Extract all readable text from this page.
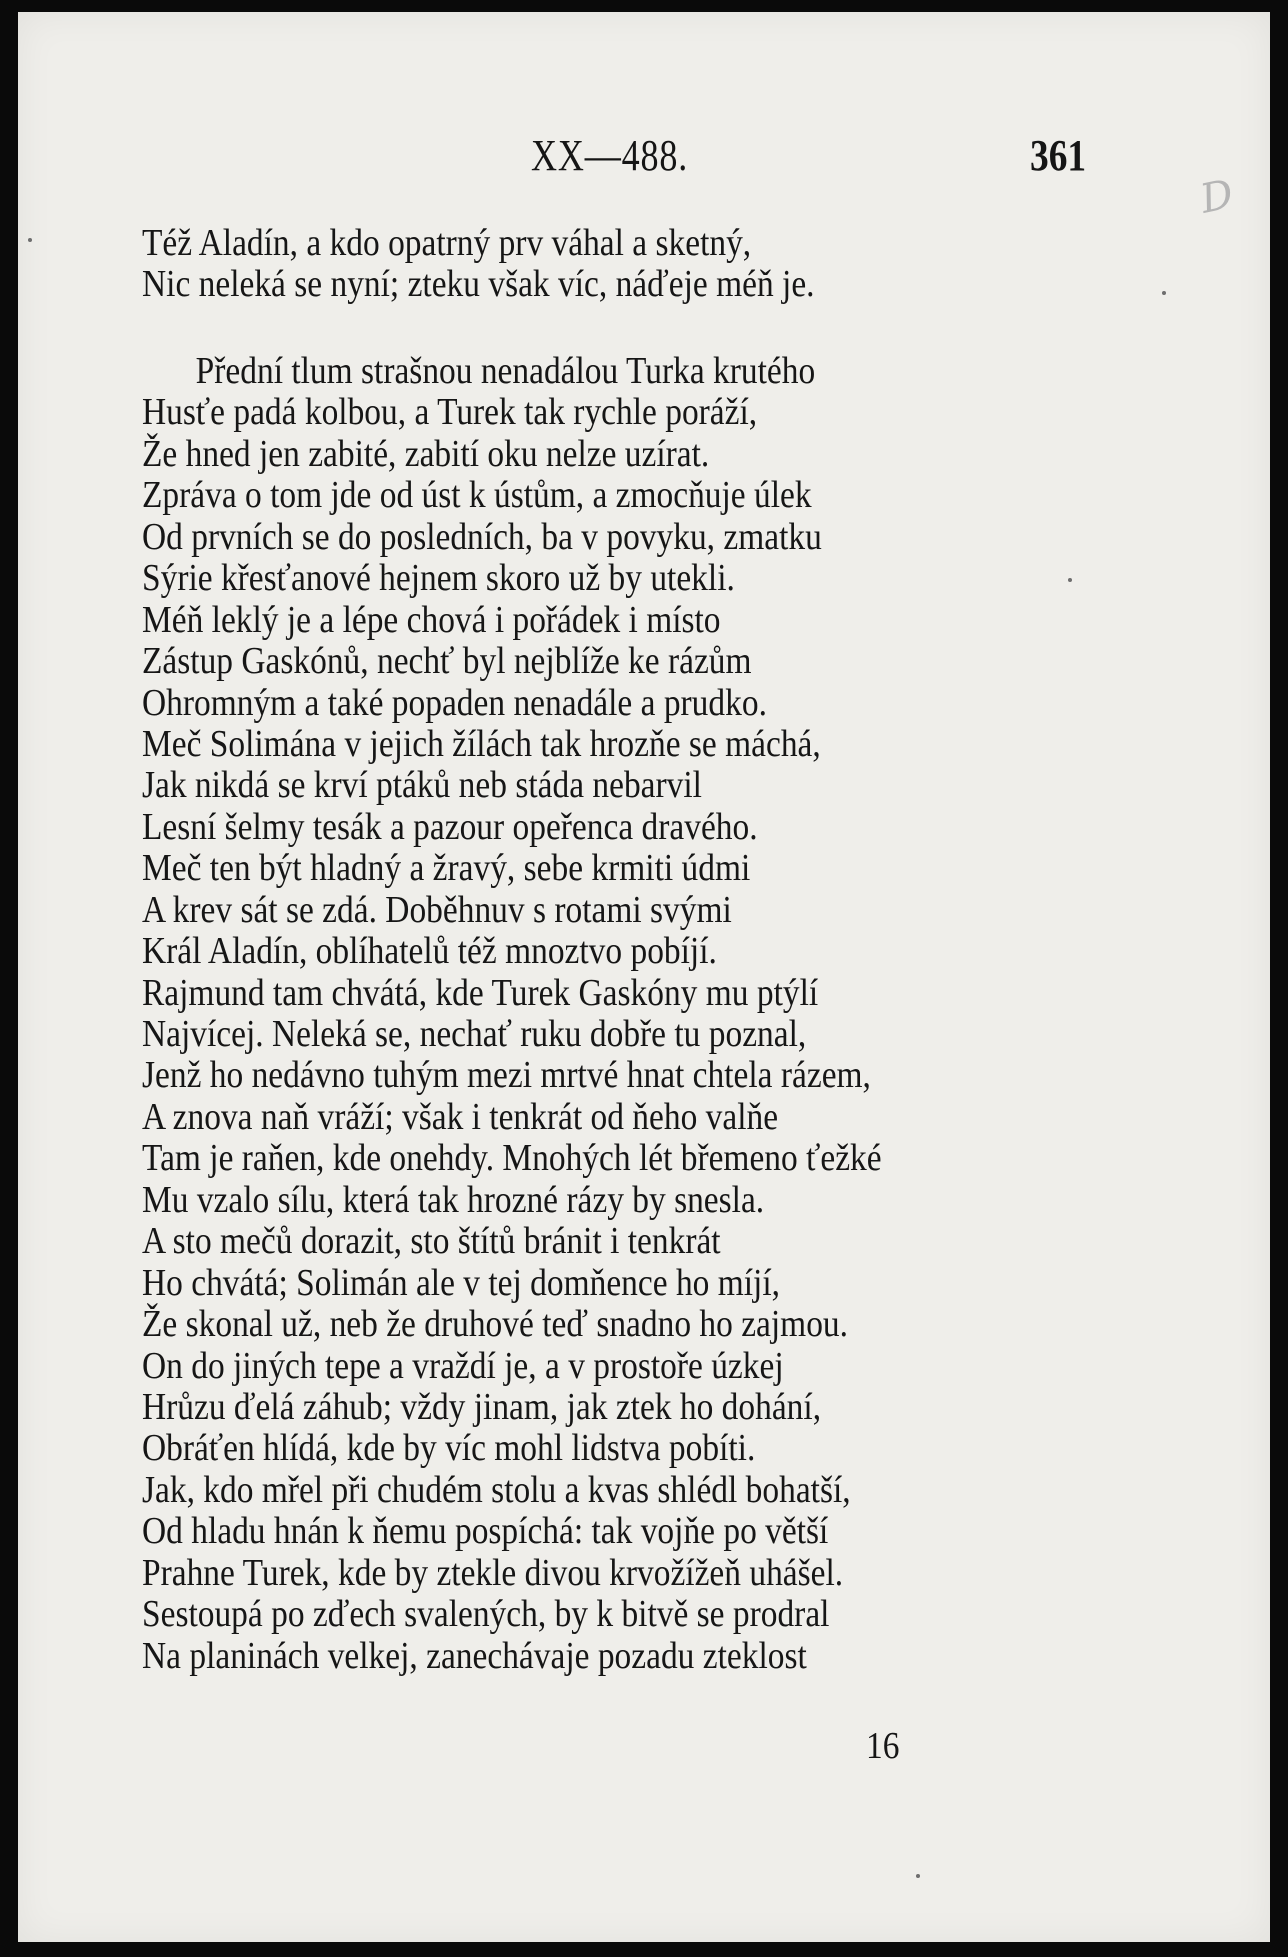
XX—488.	361
D
Též Aladín, a kdo opatrný prv váhal a sketný,
Nic neleká se nyní; zteku však víc, náďeje méň je.
Přední tlum strašnou nenadálou Turka krutého
Husťe padá kolbou, a Turek tak rychle poráží,
Že hned jen zabité, zabití oku nelze uzírat.
Zpráva o tom jde od úst k ústům, a zmocňuje úlek
Od prvních se do posledních, ba v povyku, zmatku
Sýrie křesťanové hejnem skoro už by utekli.
Méň leklý je a lépe chová i pořádek i místo
Zástup Gaskónů, nechť byl nejblíže ke rázům
Ohromným a také popaden nenadále a prudko.
Meč Solimána v jejich žílách tak hrozňe se máchá,
Jak nikdá se krví ptáků neb stáda nebarvil
Lesní šelmy tesák a pazour opeřenca dravého.
Meč ten být hladný a žravý, sebe krmiti údmi
A krev sát se zdá. Doběhnuv s rotami svými
Král Aladín, oblíhatelů též mnoztvo pobíjí.
Rajmund tam chvátá, kde Turek Gaskóny mu ptýlí
Najvícej. Neleká se, nechať ruku dobře tu poznal,
Jenž ho nedávno tuhým mezi mrtvé hnat chtela rázem,
A znova naň vráží; však i tenkrát od ňeho valňe
Tam je raňen, kde onehdy. Mnohých lét břemeno ťežké
Mu vzalo sílu, která tak hrozné rázy by snesla.
A sto mečů dorazit, sto štítů bránit i tenkrát
Ho chvátá; Solimán ale v tej domňence ho míjí,
Že skonal už, neb že druhové teď snadno ho zajmou.
On do jiných tepe a vraždí je, a v prostoře úzkej
Hrůzu ďelá záhub; vždy jinam, jak ztek ho dohání,
Obráťen hlídá, kde by víc mohl lidstva pobíti.
Jak, kdo mřel při chudém stolu a kvas shlédl bohatší,
Od hladu hnán k ňemu pospíchá: tak vojňe po větší
Prahne Turek, kde by ztekle divou krvožížeň uhášel.
Sestoupá po zďech svalených, by k bitvě se prodral
Na planinách velkej, zanechávaje pozadu zteklost
16
